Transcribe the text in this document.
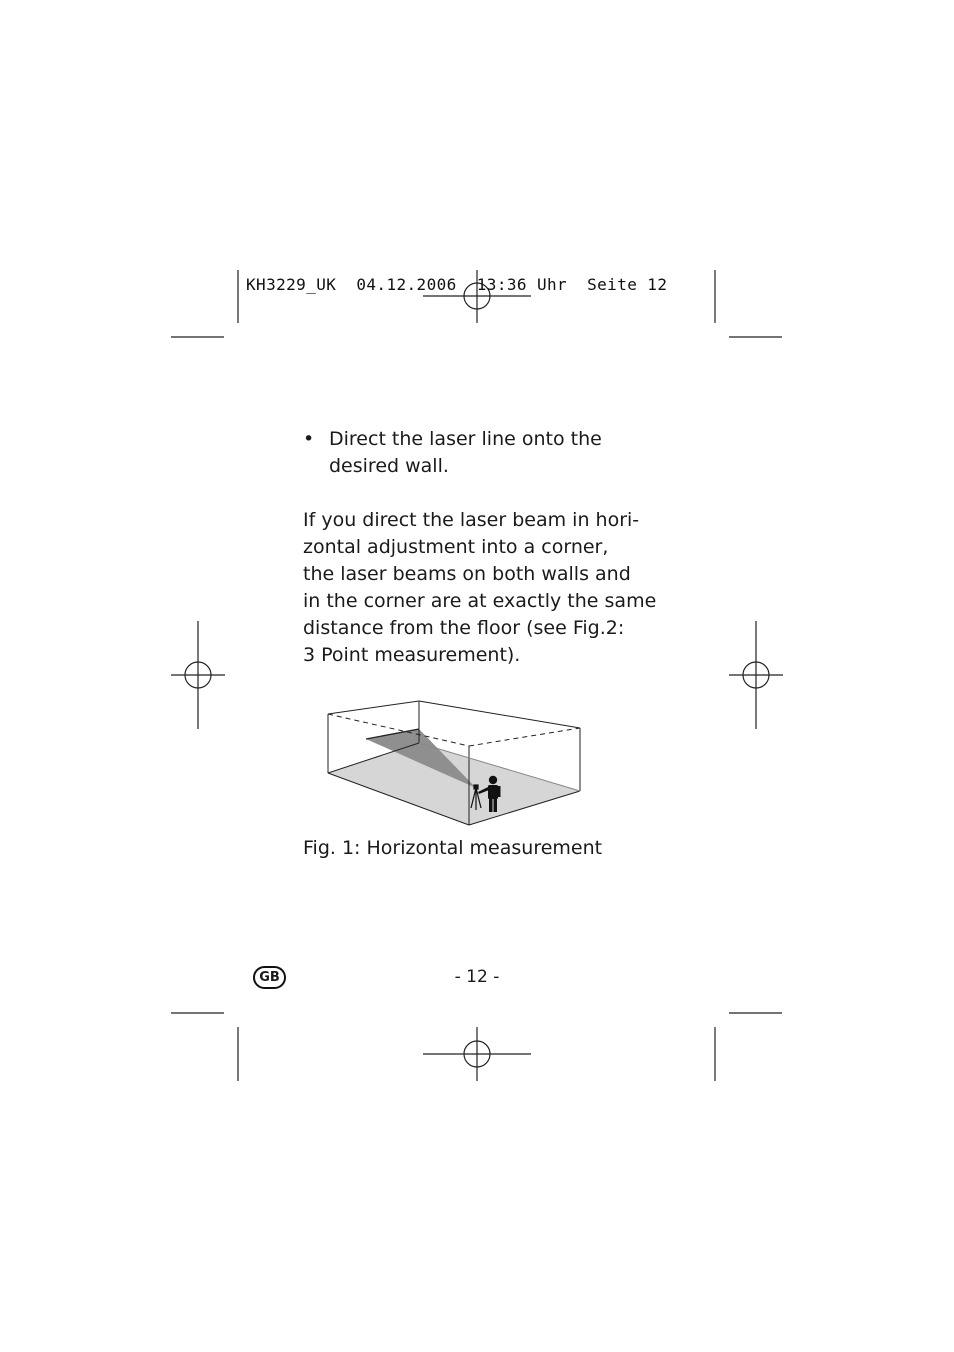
KH3229_UK  04.12.2006  13:36 Uhr  Seite 12
• Direct the laser line onto the
desired wall.

If you direct the laser beam in hori-

zontal adjustment into a corner,

the laser beams on both walls and

in the corner are at exactly the same

distance from the floor (see Fig.2:

3 Point measurement).

Fig. 1: Horizontal measurement
GB	- 12 -
